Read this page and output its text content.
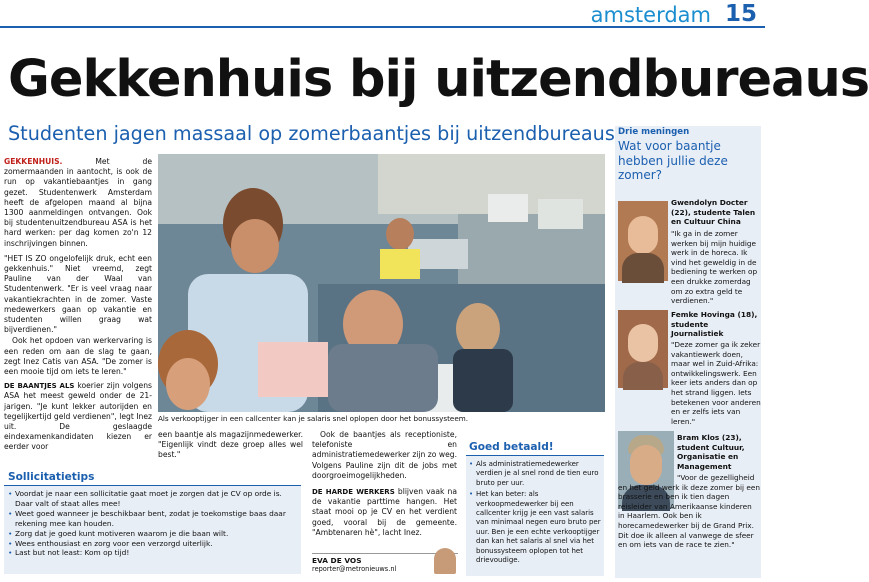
amsterdam 15
Gekkenhuis bij uitzendbureaus
Studenten jagen massaal op zomerbaantjes bij uitzendbureaus

GEKKENHUIS.	Met de zomermaanden in aantocht, is ook de run op vakantiebaantjes in gang gezet. Studentenwerk Amsterdam heeft de afgelopen maand al bijna 1300 aanmeldingen ontvangen. Ook bij studentenuitzendbureau ASA is het hard werken: per dag komen zo'n 12 inschrijvingen binnen.

"HET IS ZO ongelofelijk druk, echt een gekkenhuis." Niet vreemd, zegt Pauline van der Waal van Studentenwerk. "Er is veel vraag naar vakantiekrachten in de zomer. Vaste medewerkers gaan op vakantie en studenten willen graag wat bijverdienen."

Ook het opdoen van werkervaring is een reden om aan de slag te gaan, zegt Inez Catis van ASA. "De zomer is een mooie tijd om iets te leren."

DE BAANTJES ALS koerier zijn volgens ASA het meest geweld onder de 21-jarigen. "Je kunt lekker autorijden en tegelijkertijd geld verdienen", legt Inez uit. De geslaagde eindexamenkandidaten kiezen er eerder voor

Als verkooptijger in een callcenter kan je salaris snel oplopen door het bonussysteem.

een baantje als magazijnmedewerker. "Eigenlijk vindt deze groep alles wel best."

Ook de baantjes als receptioniste, telefoniste en administratiemedewerker zijn zo weg. Volgens Pauline zijn dit de jobs met doorgroeimogelijkheden.

DE HARDE WERKERS blijven vaak na de vakantie parttime hangen. Het staat mooi op je CV en het verdient goed, vooral bij de gemeente. "Ambtenaren hè", lacht Inez.

EVA DE VOS
reporter@metronieuws.nl
Sollicitatietips
• Voordat je naar een sollicitatie gaat moet je zorgen dat je CV op orde is. Daar valt of staat alles mee!
• Weet goed wanneer je beschikbaar bent, zodat je toekomstige baas daar rekening mee kan houden.
• Zorg dat je goed kunt motiveren waarom je die baan wilt.
• Wees enthousiast en zorg voor een verzorgd uiterlijk.
• Last but not least: Kom op tijd!
Goed betaald!
• Als administratiemedewerker verdien je al snel rond de tien euro bruto per uur.
• Het kan beter: als verkoopmedewerker bij een callcenter krijg je een vast salaris van minimaal negen euro bruto per uur. Ben je een echte verkooptijger dan kan het salaris al snel via het bonussysteem oplopen tot het drievoudige.
Drie meningen
Wat voor baantje hebben jullie deze zomer?
Gwendolyn Docter (22), studente Talen en Cultuur China
"Ik ga in de zomer werken bij mijn huidige werk in de horeca. Ik vind het geweldig in de bediening te werken op een drukke zomerdag om zo extra geld te verdienen."
Femke Hovinga (18), studente Journalistiek
"Deze zomer ga ik zeker vakantiewerk doen, maar wel in Zuid-Afrika: ontwikkelingswerk. Een keer iets anders dan op het strand liggen. Iets betekenen voor anderen en er zelfs iets van leren."
Bram Klos (23), student Cultuur, Organisatie en Management
"Voor de gezelligheid en het geld werk ik deze zomer bij een brasserie en ben ik tien dagen reisleider van Amerikaanse kinderen in Haarlem. Ook ben ik horecamedewerker bij de Grand Prix. Dit doe ik alleen al vanwege de sfeer en om iets van de race te zien."
